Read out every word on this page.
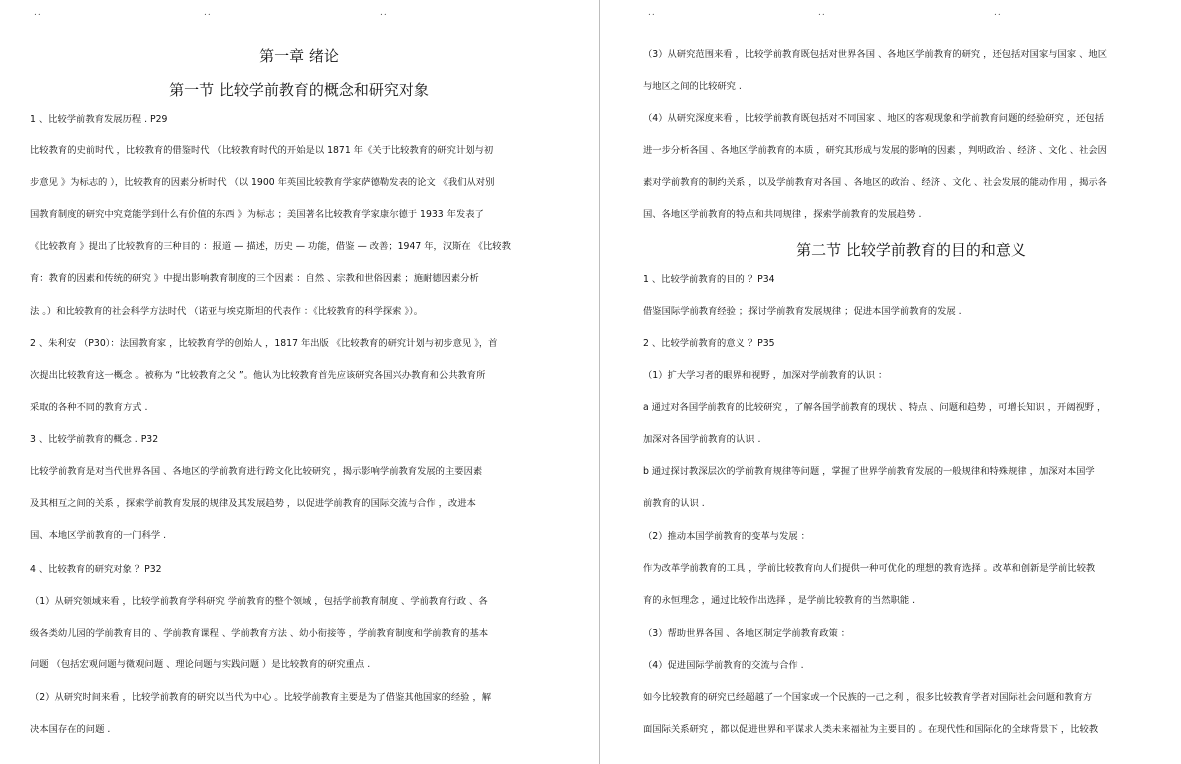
..	..	..
第一章 绪论
第一节 比较学前教育的概念和研究对象
1 、比较学前教育发展历程 . P29
比较教育的史前时代 ，比较教育的借鉴时代 （比较教育时代的开始是以 1871 年《关于比较教育的研究计划与初
步意见 》为标志的 ），比较教育的因素分析时代 （以 1900 年英国比较教育学家萨德勒发表的论文 《我们从对别
国教育制度的研究中究竟能学到什么有价值的东西 》为标志 ；美国著名比较教育学家康尔德于 1933 年发表了
《比较教育 》提出了比较教育的三种目的 ：报道 — 描述，历史 — 功能，借鉴 — 改善；1947 年，汉斯在 《比较教
育：教育的因素和传统的研究 》中提出影响教育制度的三个因素 ：自然 、宗教和世俗因素 ；施耐德因素分析
法 。）和比较教育的社会科学方法时代 （诺亚与埃克斯坦的代表作 ：《比较教育的科学探索 》）。
2 、朱利安 （P30）：法国教育家 ，比较教育学的创始人 ，1817 年出版 《比较教育的研究计划与初步意见 》，首
次提出比较教育这一概念 。被称为 “比较教育之父 ”。他认为比较教育首先应该研究各国兴办教育和公共教育所
采取的各种不同的教育方式 .
3 、比较学前教育的概念 . P32
比较学前教育是对当代世界各国 、各地区的学前教育进行跨文化比较研究 ，揭示影响学前教育发展的主要因素
及其相互之间的关系 ，探索学前教育发展的规律及其发展趋势 ，以促进学前教育的国际交流与合作 ，改进本
国、本地区学前教育的一门科学 .
4 、比较教育的研究对象 ？P32
（1）从研究领域来看 ，比较学前教育学科研究 学前教育的整个领域 ，包括学前教育制度 、学前教育行政 、各
级各类幼儿园的学前教育目的 、学前教育课程 、学前教育方法 、幼小衔接等 ，学前教育制度和学前教育的基本
问题 （包括宏观问题与微观问题 、理论问题与实践问题 ）是比较教育的研究重点 .
（2）从研究时间来看 ，比较学前教育的研究以当代为中心 。比较学前教育主要是为了借鉴其他国家的经验 ，解
决本国存在的问题 .
..	..	..
（3）从研究范围来看 ，比较学前教育既包括对世界各国 、各地区学前教育的研究 ，还包括对国家与国家 、地区
与地区之间的比较研究 .
（4）从研究深度来看 ，比较学前教育既包括对不同国家 、地区的客观现象和学前教育问题的经验研究 ，还包括
进一步分析各国 、各地区学前教育的本质 ，研究其形成与发展的影响的因素 ，判明政治 、经济 、文化 、社会因
素对学前教育的制约关系 ，以及学前教育对各国 、各地区的政治 、经济 、文化 、社会发展的能动作用 ，揭示各
国、各地区学前教育的特点和共同规律 ，探索学前教育的发展趋势 .
第二节 比较学前教育的目的和意义
1 、比较学前教育的目的 ？P34
借鉴国际学前教育经验 ；探讨学前教育发展规律 ；促进本国学前教育的发展 .
2 、比较学前教育的意义 ？P35
（1）扩大学习者的眼界和视野 ，加深对学前教育的认识 ：
a 通过对各国学前教育的比较研究 ，了解各国学前教育的现状 、特点 、问题和趋势 ，可增长知识 ，开阔视野 ，
加深对各国学前教育的认识 .
b 通过探讨教深层次的学前教育规律等问题 ，掌握了世界学前教育发展的一般规律和特殊规律 ，加深对本国学
前教育的认识 .
（2）推动本国学前教育的变革与发展 ：
作为改革学前教育的工具 ，学前比较教育向人们提供一种可优化的理想的教育选择 。改革和创新是学前比较教
育的永恒理念 ，通过比较作出选择 ，是学前比较教育的当然职能 .
（3）帮助世界各国 、各地区制定学前教育政策 ：
（4）促进国际学前教育的交流与合作 .
如今比较教育的研究已经超越了一个国家或一个民族的一己之利 ，很多比较教育学者对国际社会问题和教育方
面国际关系研究 ，都以促进世界和平谋求人类未来福祉为主要目的 。在现代性和国际化的全球背景下 ，比较教
